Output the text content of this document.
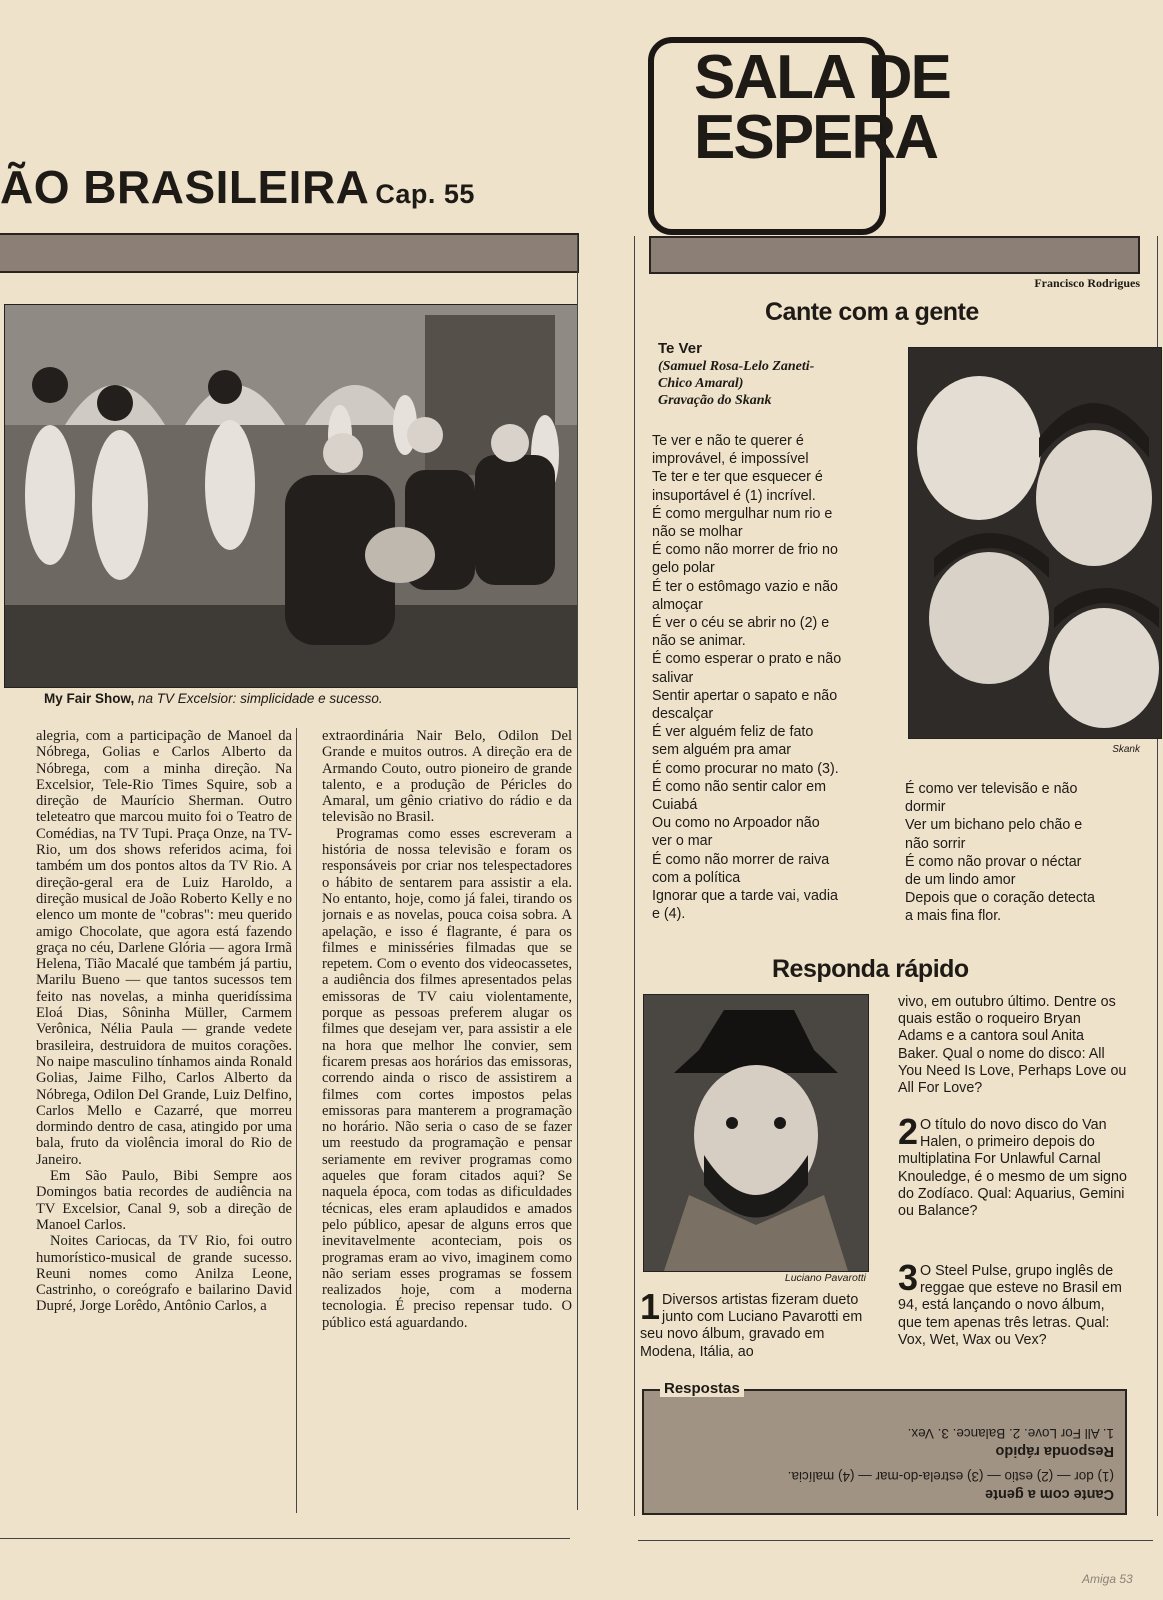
ÃO BRASILEIRA Cap. 55
My Fair Show, na TV Excelsior: simplicidade e sucesso.

alegria, com a participação de Manoel da Nóbrega, Golias e Carlos Alberto da Nóbrega, com a minha direção. Na Excelsior, Tele-Rio Times Squire, sob a direção de Maurício Sherman. Outro teleteatro que marcou muito foi o Teatro de Comédias, na TV Tupi. Praça Onze, na TV-Rio, um dos shows referidos acima, foi também um dos pontos altos da TV Rio. A direção-geral era de Luiz Haroldo, a direção musical de João Roberto Kelly e no elenco um monte de "cobras": meu querido amigo Chocolate, que agora está fazendo graça no céu, Darlene Glória — agora Irmã Helena, Tião Macalé que também já partiu, Marilu Bueno — que tantos sucessos tem feito nas novelas, a minha queridíssima Eloá Dias, Sôninha Müller, Carmem Verônica, Nélia Paula — grande vedete brasileira, destruidora de muitos corações. No naipe masculino tínhamos ainda Ronald Golias, Jaime Filho, Carlos Alberto da Nóbrega, Odilon Del Grande, Luiz Delfino, Carlos Mello e Cazarré, que morreu dormindo dentro de casa, atingido por uma bala, fruto da violência imoral do Rio de Janeiro.

Em São Paulo, Bibi Sempre aos Domingos batia recordes de audiência na TV Excelsior, Canal 9, sob a direção de Manoel Carlos.

Noites Cariocas, da TV Rio, foi outro humorístico-musical de grande sucesso. Reuni nomes como Anilza Leone, Castrinho, o coreógrafo e bailarino David Dupré, Jorge Lorêdo, Antônio Carlos, a

extraordinária Nair Belo, Odilon Del Grande e muitos outros. A direção era de Armando Couto, outro pioneiro de grande talento, e a produção de Péricles do Amaral, um gênio criativo do rádio e da televisão no Brasil.

Programas como esses escreveram a história de nossa televisão e foram os responsáveis por criar nos telespectadores o hábito de sentarem para assistir a ela. No entanto, hoje, como já falei, tirando os jornais e as novelas, pouca coisa sobra. A apelação, e isso é flagrante, é para os filmes e minisséries filmadas que se repetem. Com o evento dos videocassetes, a audiência dos filmes apresentados pelas emissoras de TV caiu violentamente, porque as pessoas preferem alugar os filmes que desejam ver, para assistir a ele na hora que melhor lhe convier, sem ficarem presas aos horários das emissoras, correndo ainda o risco de assistirem a filmes com cortes impostos pelas emissoras para manterem a programação no horário. Não seria o caso de se fazer um reestudo da programação e pensar seriamente em reviver programas como aqueles que foram citados aqui? Se naquela época, com todas as dificuldades técnicas, eles eram aplaudidos e amados pelo público, apesar de alguns erros que inevitavelmente aconteciam, pois os programas eram ao vivo, imaginem como não seriam esses programas se fossem realizados hoje, com a moderna tecnologia. É preciso repensar tudo. O público está aguardando.

SALA DE
ESPERA
Francisco Rodrigues
Cante com a gente
Te Ver
(Samuel Rosa-Lelo Zaneti-
Chico Amaral)
Gravação do Skank
Te ver e não te querer é
improvável, é impossível
Te ter e ter que esquecer é
insuportável é (1) incrível.
É como mergulhar num rio e
não se molhar
É como não morrer de frio no
gelo polar
É ter o estômago vazio e não
almoçar
É ver o céu se abrir no (2) e
não se animar.
É como esperar o prato e não
salivar
Sentir apertar o sapato e não
descalçar
É ver alguém feliz de fato
sem alguém pra amar
É como procurar no mato (3).
É como não sentir calor em
Cuiabá
Ou como no Arpoador não
ver o mar
É como não morrer de raiva
com a política
Ignorar que a tarde vai, vadia
e (4).
É como ver televisão e não
dormir
Ver um bichano pelo chão e
não sorrir
É como não provar o néctar
de um lindo amor
Depois que o coração detecta
a mais fina flor.
Skank
Responda rápido
Luciano Pavarotti
1 Diversos artistas fizeram dueto junto com Luciano Pavarotti em seu novo álbum, gravado em Modena, Itália, ao
vivo, em outubro último. Dentre os quais estão o roqueiro Bryan Adams e a cantora soul Anita Baker. Qual o nome do disco: All You Need Is Love, Perhaps Love ou All For Love?
2 O título do novo disco do Van Halen, o primeiro depois do multiplatina For Unlawful Carnal Knouledge, é o mesmo de um signo do Zodíaco. Qual: Aquarius, Gemini ou Balance?
3 O Steel Pulse, grupo inglês de reggae que esteve no Brasil em 94, está lançando o novo álbum, que tem apenas três letras. Qual: Vox, Wet, Wax ou Vex?
Respostas
Cante com a gente
(1) dor — (2) estio — (3) estrela-do-mar — (4) malícia.
Responda rápido
1. All For Love. 2. Balance. 3. Vex.
Amiga 53
